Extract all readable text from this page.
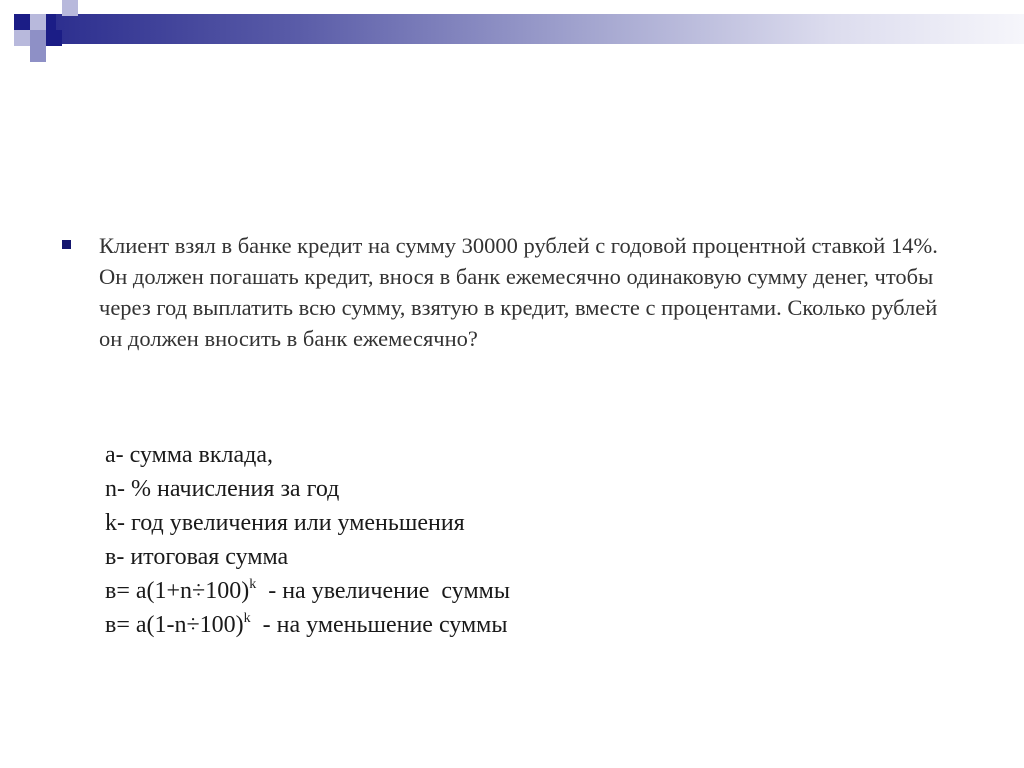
Клиент взял в банке кредит на сумму 30000 рублей с годовой процентной ставкой 14%. Он должен погашать кредит, внося в банк ежемесячно одинаковую сумму денег, чтобы через год выплатить всю сумму, взятую в кредит, вместе с процентами. Сколько рублей он должен вносить в банк ежемесячно?

а- сумма вклада,

n- % начисления за год

k- год увеличения или уменьшения

в- итоговая сумма

$в= а(1+n\div 100)^k$  - на увеличение  суммы

$в= а(1-n\div 100)^k$  - на уменьшение суммы
